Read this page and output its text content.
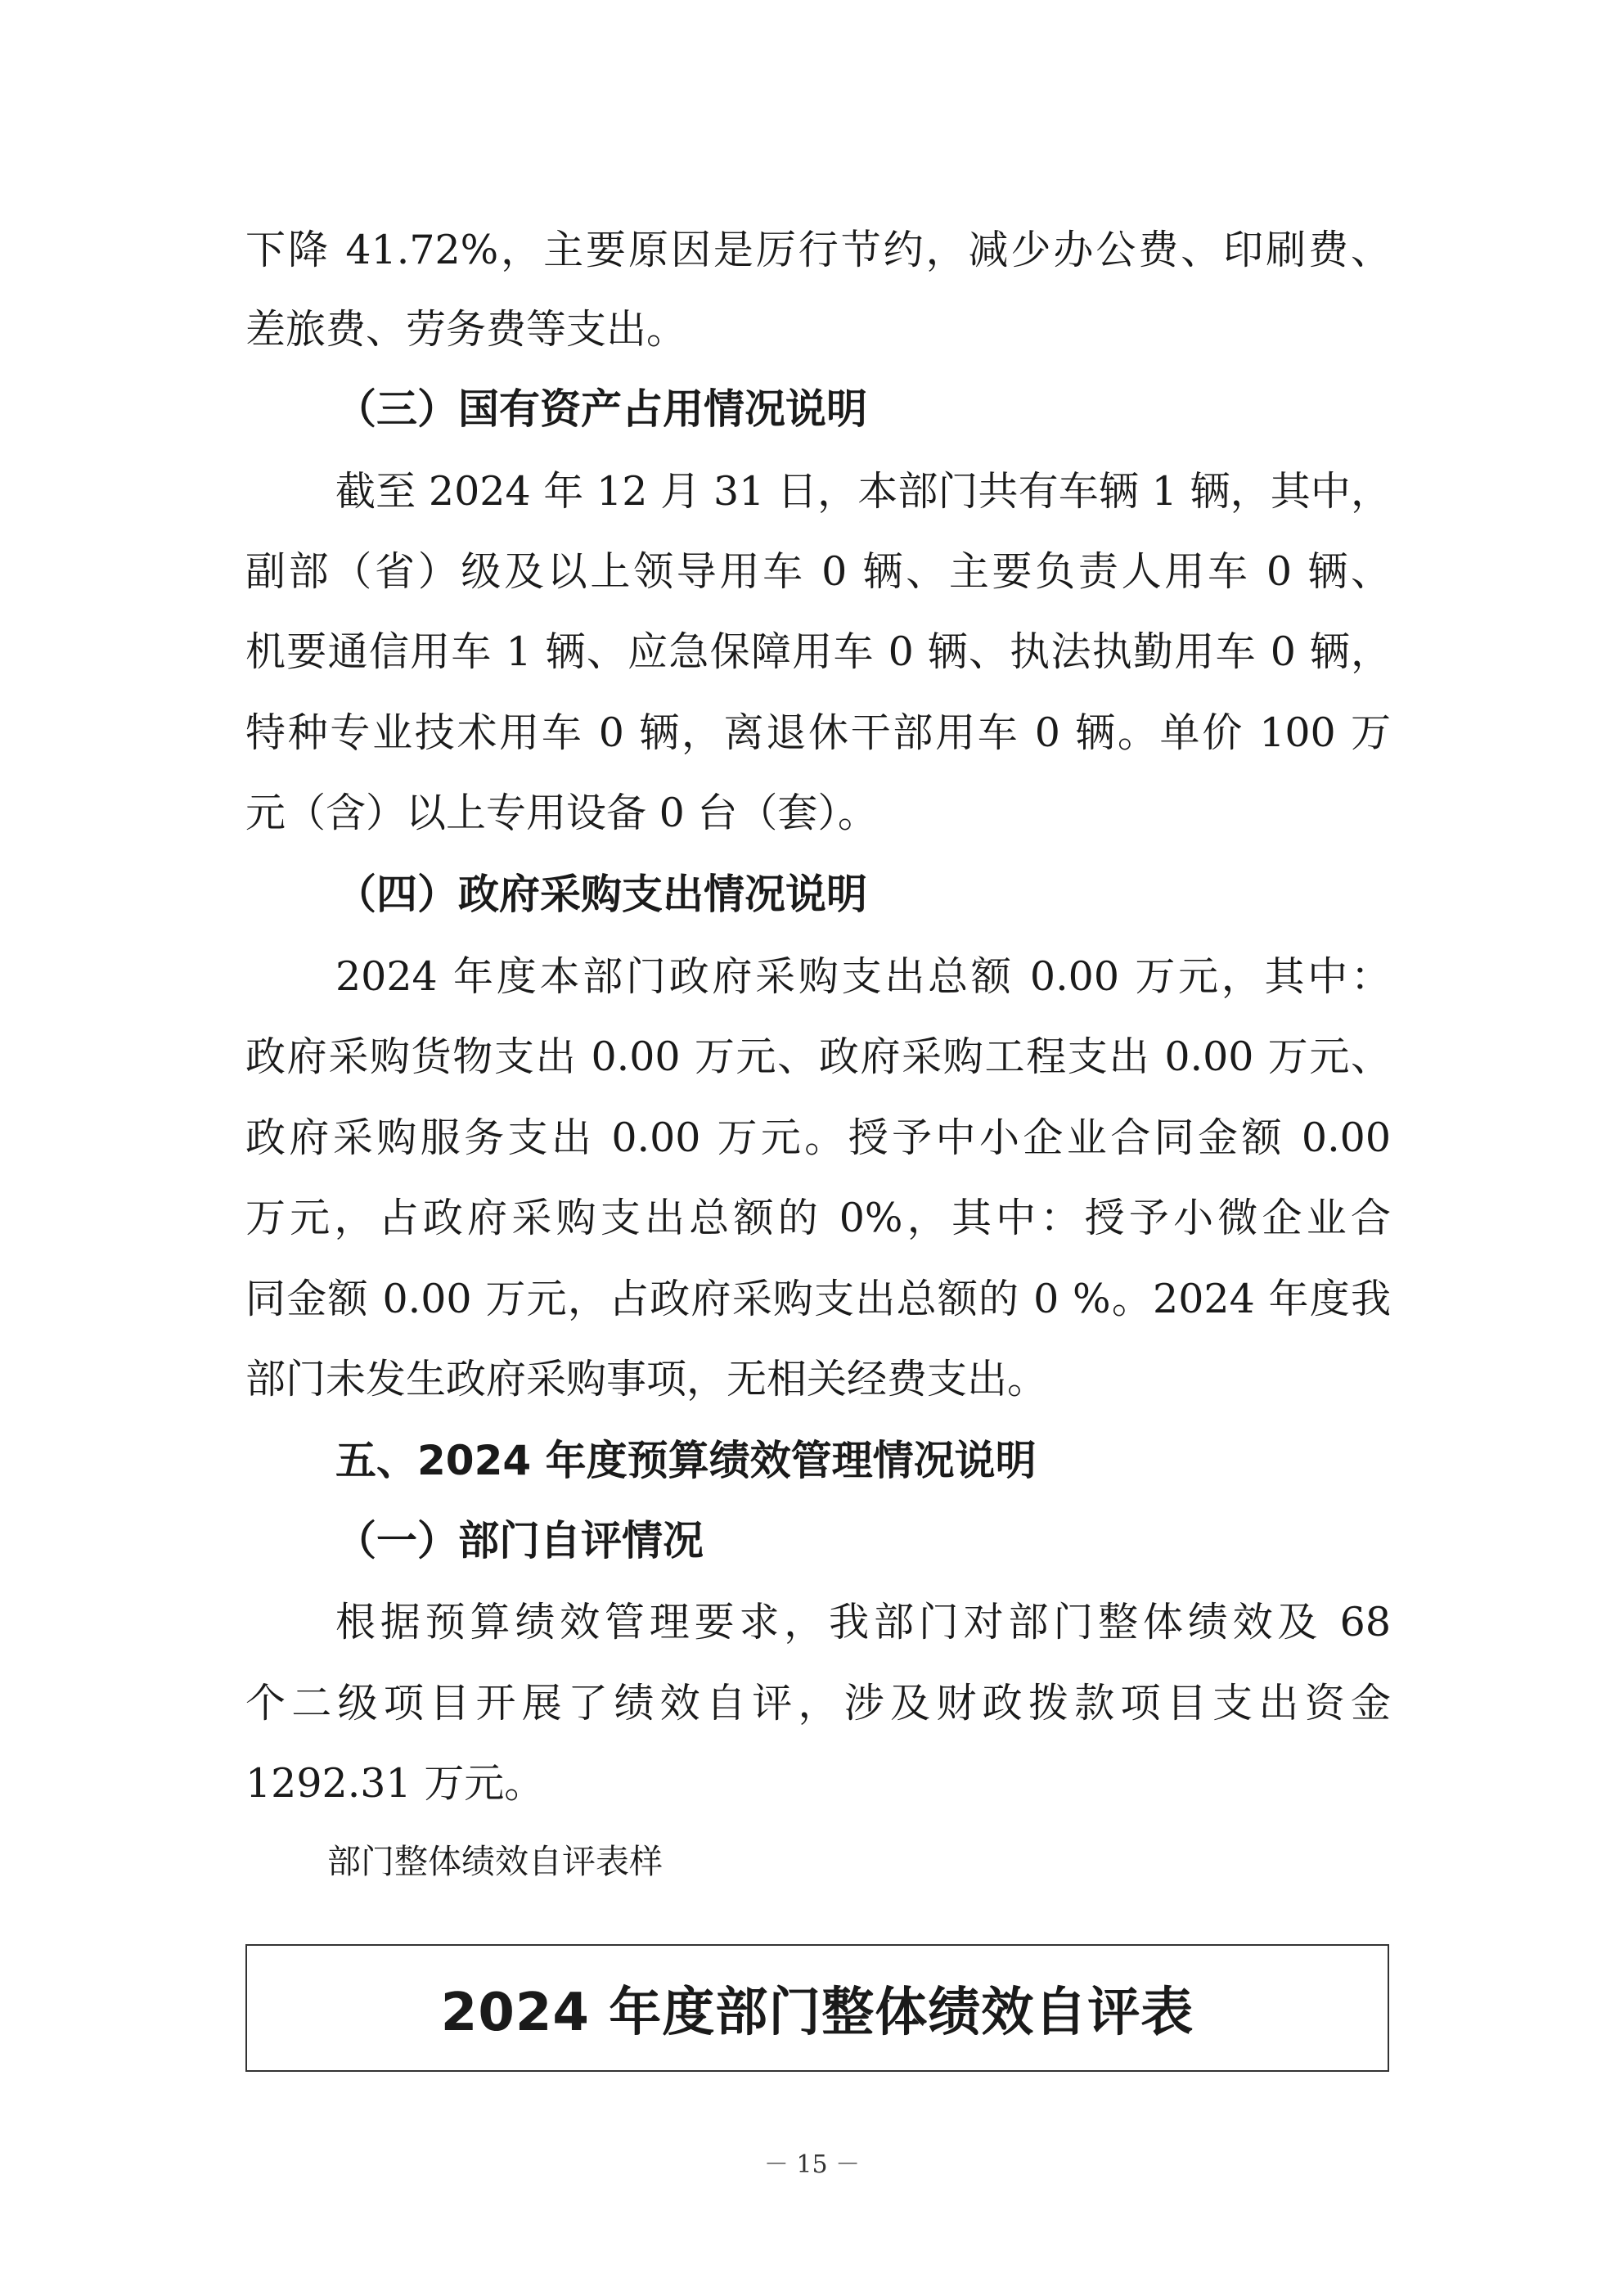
下降 41.72%，主要原因是厉行节约，减少办公费、印刷费、
差旅费、劳务费等支出。
（三）国有资产占用情况说明
截至 2024 年 12 月 31 日，本部门共有车辆 1 辆，其中，
副部（省）级及以上领导用车 0 辆、主要负责人用车 0 辆、
机要通信用车 1 辆、应急保障用车 0 辆、执法执勤用车 0 辆，
特种专业技术用车 0 辆，离退休干部用车 0 辆。单价 100 万
元（含）以上专用设备 0 台（套）。
（四）政府采购支出情况说明
2024 年度本部门政府采购支出总额 0.00 万元，其中：
政府采购货物支出 0.00 万元、政府采购工程支出 0.00 万元、
政府采购服务支出 0.00 万元。授予中小企业合同金额 0.00
万元，占政府采购支出总额的 0%，其中：授予小微企业合
同金额 0.00 万元，占政府采购支出总额的 0 %。2024 年度我
部门未发生政府采购事项，无相关经费支出。
五、2024 年度预算绩效管理情况说明
（一）部门自评情况
根据预算绩效管理要求，我部门对部门整体绩效及 68
个二级项目开展了绩效自评，涉及财政拨款项目支出资金
1292.31 万元。
部门整体绩效自评表样
2024 年度部门整体绩效自评表
－ 15 －
